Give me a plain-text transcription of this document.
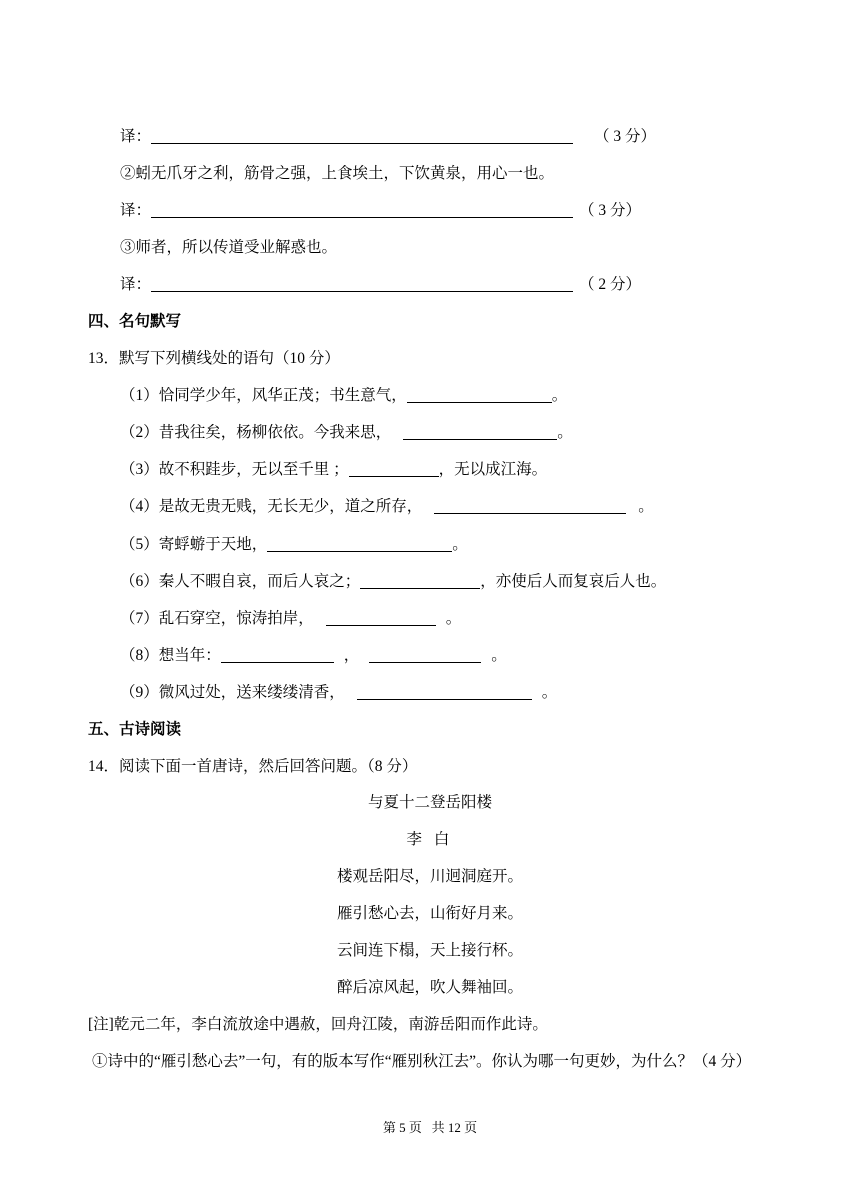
译：	（ 3 分）
②蚓无爪牙之利，筋骨之强，上食埃土，下饮黄泉，用心一也。
译：	（ 3 分）
③师者，所以传道受业解惑也。
译：	（ 2 分）
四、名句默写
13．默写下列横线处的语句（10 分）
（1）恰同学少年，风华正茂；书生意气，	。
（2）昔我往矣，杨柳依依。今我来思，	。
（3）故不积跬步，无以至千里 ；	，无以成江海。
（4）是故无贵无贱，无长无少，道之所存，	。
（5）寄蜉蝣于天地，	。
（6）秦人不暇自哀，而后人哀之；	，亦使后人而复哀后人也。
（7）乱石穿空，惊涛拍岸，	。
（8）想当年：	，	。
（9）微风过处，送来缕缕清香，	。
五、古诗阅读
14．阅读下面一首唐诗，然后回答问题。（8 分）
与夏十二登岳阳楼
李 白
楼观岳阳尽，川迥洞庭开。
雁引愁心去，山衔好月来。
云间连下榻，天上接行杯。
醉后凉风起，吹人舞袖回。
[注]乾元二年，李白流放途中遇赦，回舟江陵，南游岳阳而作此诗。
①诗中的“雁引愁心去”一句，有的版本写作“雁别秋江去”。你认为哪一句更妙，为什么？（4 分）
第 5 页   共 12 页
